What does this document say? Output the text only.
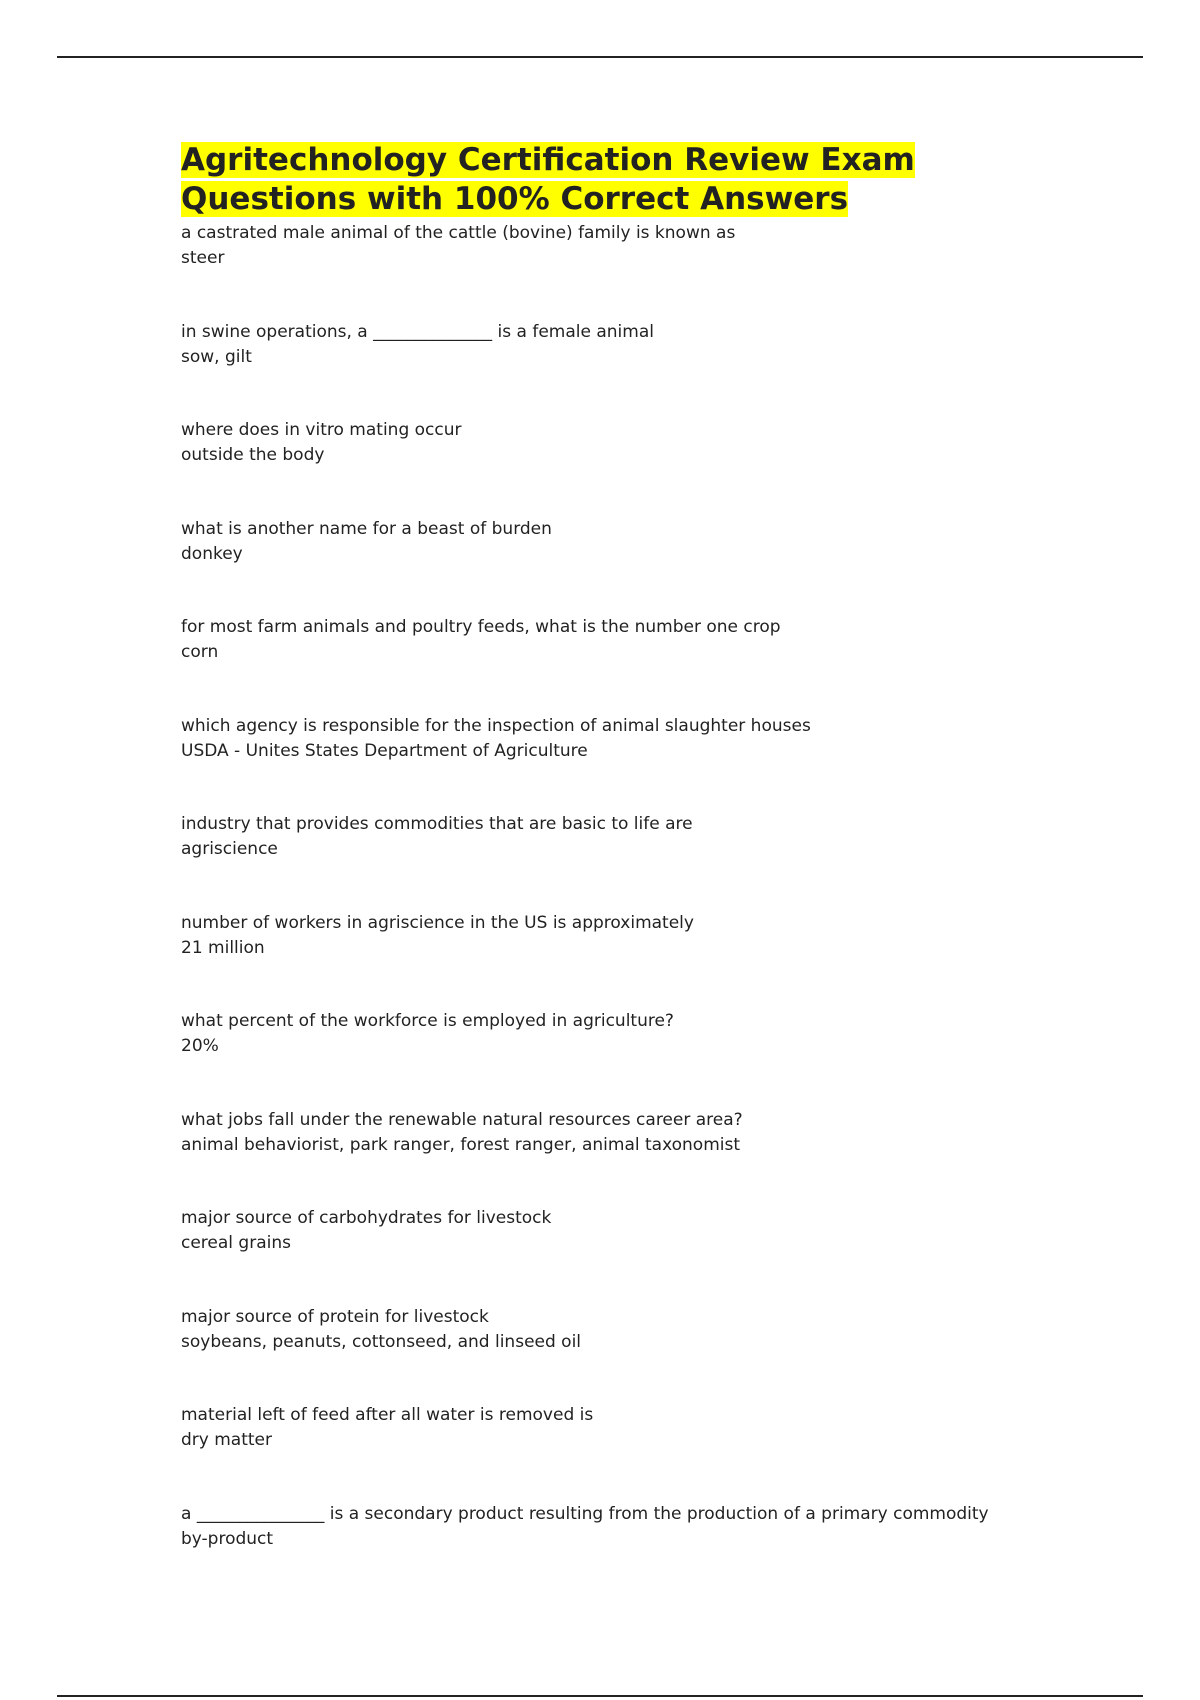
Agritechnology Certification Review Exam
Questions with 100% Correct Answers
a castrated male animal of the cattle (bovine) family is known as
steer
in swine operations, a ______________ is a female animal
sow, gilt
where does in vitro mating occur
outside the body
what is another name for a beast of burden
donkey
for most farm animals and poultry feeds, what is the number one crop
corn
which agency is responsible for the inspection of animal slaughter houses
USDA - Unites States Department of Agriculture
industry that provides commodities that are basic to life are
agriscience
number of workers in agriscience in the US is approximately
21 million
what percent of the workforce is employed in agriculture?
20%
what jobs fall under the renewable natural resources career area?
animal behaviorist, park ranger, forest ranger, animal taxonomist
major source of carbohydrates for livestock
cereal grains
major source of protein for livestock
soybeans, peanuts, cottonseed, and linseed oil
material left of feed after all water is removed is
dry matter
a _______________ is a secondary product resulting from the production of a primary commodity
by-product
